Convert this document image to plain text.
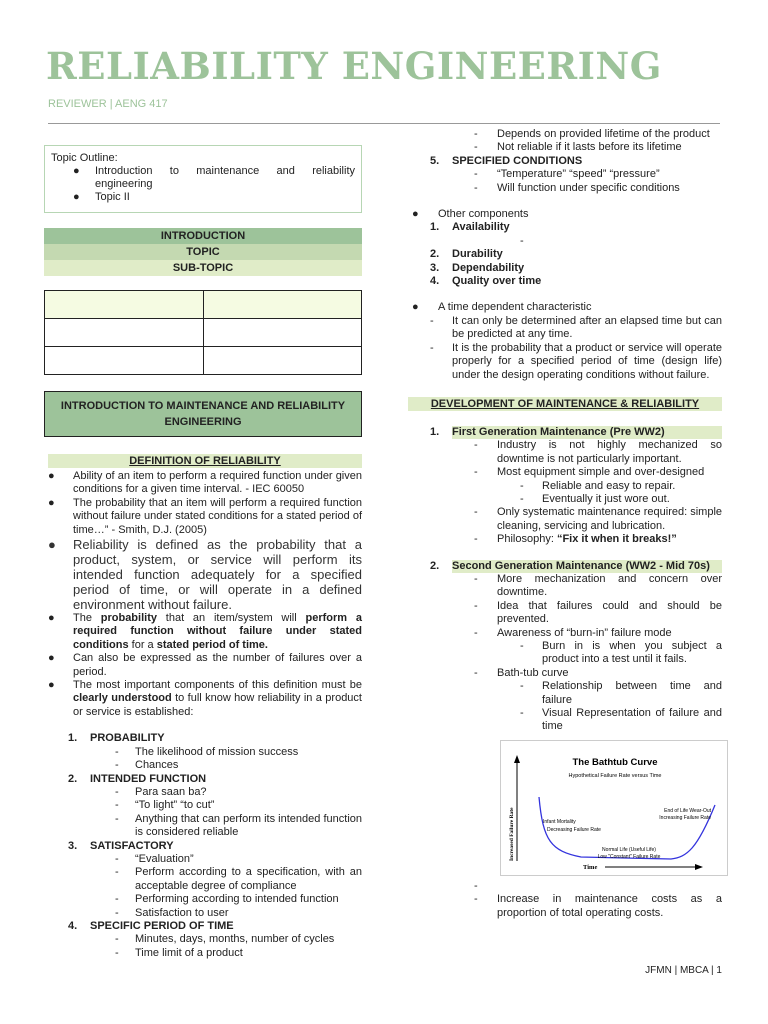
RELIABILITY ENGINEERING
REVIEWER | AENG 417
Topic Outline:
●	Introduction to maintenance and reliability
engineering
●	Topic II
INTRODUCTION
TOPIC
SUB-TOPIC

INTRODUCTION TO MAINTENANCE AND RELIABILITY
ENGINEERING
DEFINITION OF RELIABILITY
●	Ability of an item to perform a required function under given conditions for a given time interval. - IEC 60050
●	The probability that an item will perform a required function without failure under stated conditions for a stated period of time…” - Smith, D.J. (2005)
●	Reliability is defined as the probability that a product, system, or service will perform its intended function adequately for a specified period of time, or will operate in a defined environment without failure.
●	The probability that an item/system will perform a required function without failure under stated conditions for a stated period of time.
●	Can also be expressed as the number of failures over a period.
●	The most important components of this definition must be clearly understood to full know how reliability in a product or service is established:
1.	PROBABILITY
-	The likelihood of mission success
-	Chances
2.	INTENDED FUNCTION
-	Para saan ba?
-	“To light” “to cut”
-	Anything that can perform its intended function is considered reliable
3.	SATISFACTORY
-	“Evaluation”
-	Perform according to a specification, with an acceptable degree of compliance
-	Performing according to intended function
-	Satisfaction to user
4.	SPECIFIC PERIOD OF TIME
-	Minutes, days, months, number of cycles
-	Time limit of a product
-	Depends on provided lifetime of the product
-	Not reliable if it lasts before its lifetime
5.	SPECIFIED CONDITIONS
-	“Temperature” “speed” “pressure”
-	Will function under specific conditions
●	Other components
1.	Availability
-
2.	Durability
3.	Dependability
4.	Quality over time
●	A time dependent characteristic
-	It can only be determined after an elapsed time but can be predicted at any time.
-	It is the probability that a product or service will operate properly for a specified period of time (design life) under the design operating conditions without failure.
DEVELOPMENT OF MAINTENANCE & RELIABILITY
1.	First Generation Maintenance (Pre WW2)
-	Industry is not highly mechanized so downtime is not particularly important.
-	Most equipment simple and over-designed
-	Reliable and easy to repair.
-	Eventually it just wore out.
-	Only systematic maintenance required: simple cleaning, servicing and lubrication.
-	Philosophy: “Fix it when it breaks!”
2.	Second Generation Maintenance (WW2 - Mid 70s)
-	More mechanization and concern over downtime.
-	Idea that failures could and should be prevented.
-	Awareness of “burn-in” failure mode
-	Burn in is when you subject a product into a test until it fails.
-	Bath-tub curve
-	Relationship between time and failure
-	Visual Representation of failure and time
The Bathtub Curve
Hypothetical Failure Rate versus Time
Increased Failure Rate
Time
Infant Mortality
Decreasing Failure Rate
Normal Life (Useful Life)
Low "Constant" Failure Rate
End of Life Wear-Out
Increasing Failure Rate
-
-	Increase in maintenance costs as a proportion of total operating costs.
JFMN | MBCA | 1
